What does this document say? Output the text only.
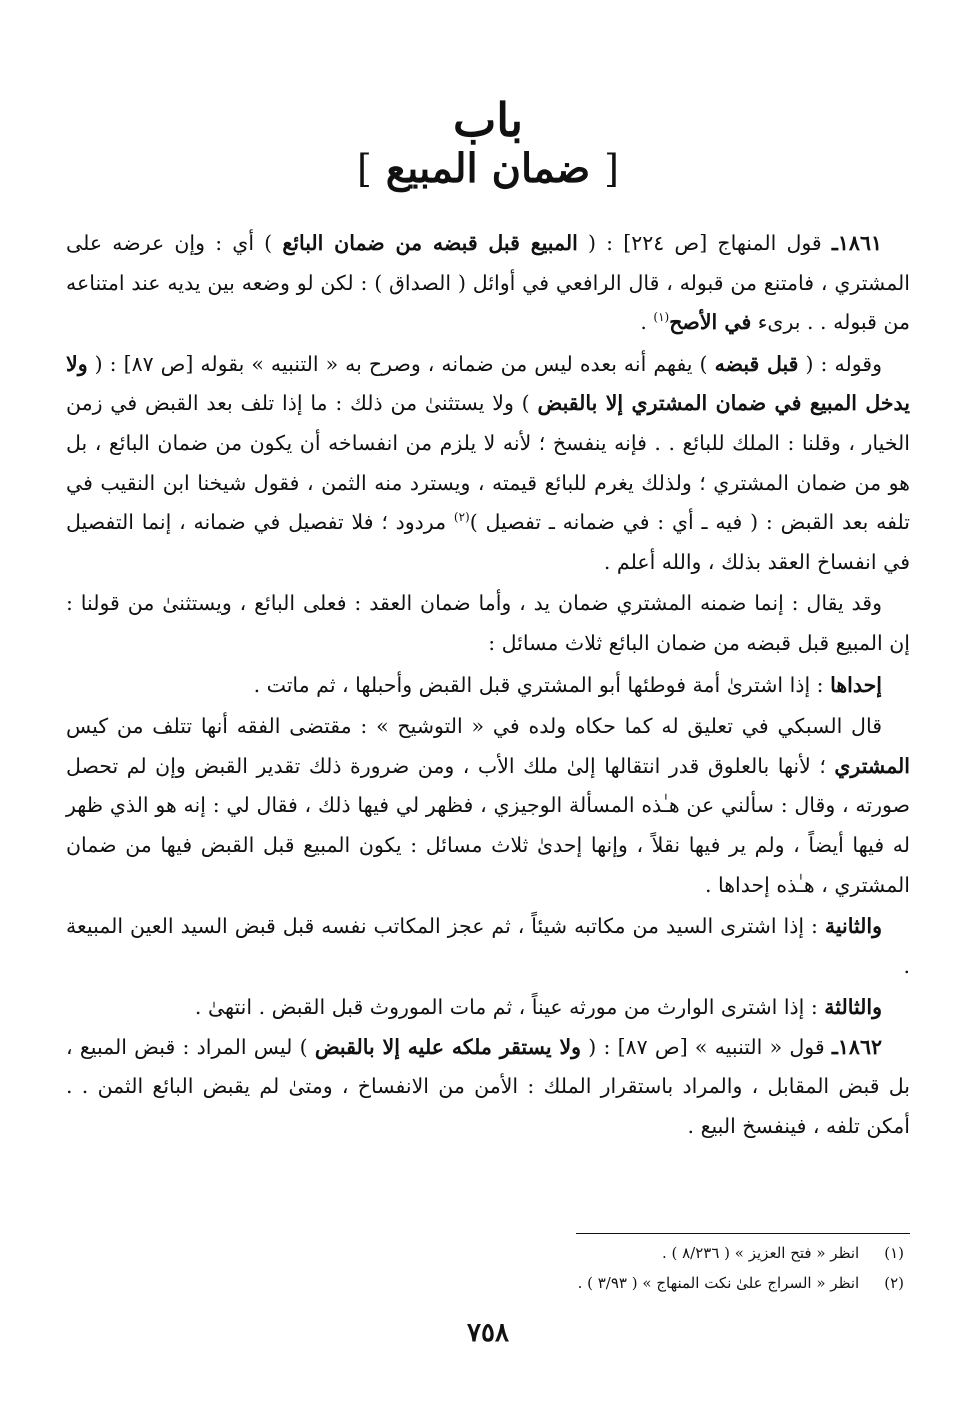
باب
[ ضمان المبيع ]

١٨٦١ـ قول المنهاج [ص ٢٢٤] : ( المبيع قبل قبضه من ضمان البائع ) أي : وإن عرضه على المشتري ، فامتنع من قبوله ، قال الرافعي في أوائل ( الصداق ) : لكن لو وضعه بين يديه عند امتناعه من قبوله . . برىء في الأصح$^{(١)}$ .

وقوله : ( قبل قبضه ) يفهم أنه بعده ليس من ضمانه ، وصرح به « التنبيه » بقوله [ص ٨٧] : ( ولا يدخل المبيع في ضمان المشتري إلا بالقبض ) ولا يستثنىٰ من ذلك : ما إذا تلف بعد القبض في زمن الخيار ، وقلنا : الملك للبائع . . فإنه ينفسخ ؛ لأنه لا يلزم من انفساخه أن يكون من ضمان البائع ، بل هو من ضمان المشتري ؛ ولذلك يغرم للبائع قيمته ، ويسترد منه الثمن ، فقول شيخنا ابن النقيب في تلفه بعد القبض : ( فيه ـ أي : في ضمانه ـ تفصيل )$^{(٢)}$ مردود ؛ فلا تفصيل في ضمانه ، إنما التفصيل في انفساخ العقد بذلك ، والله أعلم .

وقد يقال : إنما ضمنه المشتري ضمان يد ، وأما ضمان العقد : فعلى البائع ، ويستثنىٰ من قولنا : إن المبيع قبل قبضه من ضمان البائع ثلاث مسائل :

إحداها : إذا اشترىٰ أمة فوطئها أبو المشتري قبل القبض وأحبلها ، ثم ماتت .

قال السبكي في تعليق له كما حكاه ولده في « التوشيح » : مقتضى الفقه أنها تتلف من كيس المشتري ؛ لأنها بالعلوق قدر انتقالها إلىٰ ملك الأب ، ومن ضرورة ذلك تقدير القبض وإن لم تحصل صورته ، وقال : سألني عن هـٰذه المسألة الوجيزي ، فظهر لي فيها ذلك ، فقال لي : إنه هو الذي ظهر له فيها أيضاً ، ولم ير فيها نقلاً ، وإنها إحدىٰ ثلاث مسائل : يكون المبيع قبل القبض فيها من ضمان المشتري ، هـٰذه إحداها .

والثانية : إذا اشترى السيد من مكاتبه شيئاً ، ثم عجز المكاتب نفسه قبل قبض السيد العين المبيعة .

والثالثة : إذا اشترى الوارث من مورثه عيناً ، ثم مات الموروث قبل القبض . انتهىٰ .

١٨٦٢ـ قول « التنبيه » [ص ٨٧] : ( ولا يستقر ملكه عليه إلا بالقبض ) ليس المراد : قبض المبيع ، بل قبض المقابل ، والمراد باستقرار الملك : الأمن من الانفساخ ، ومتىٰ لم يقبض البائع الثمن . . أمكن تلفه ، فينفسخ البيع .

(١) انظر « فتح العزيز » ( ٨/٢٣٦ ) .
(٢) انظر « السراج علىٰ نكت المنهاج » ( ٣/٩٣ ) .
٧٥٨
